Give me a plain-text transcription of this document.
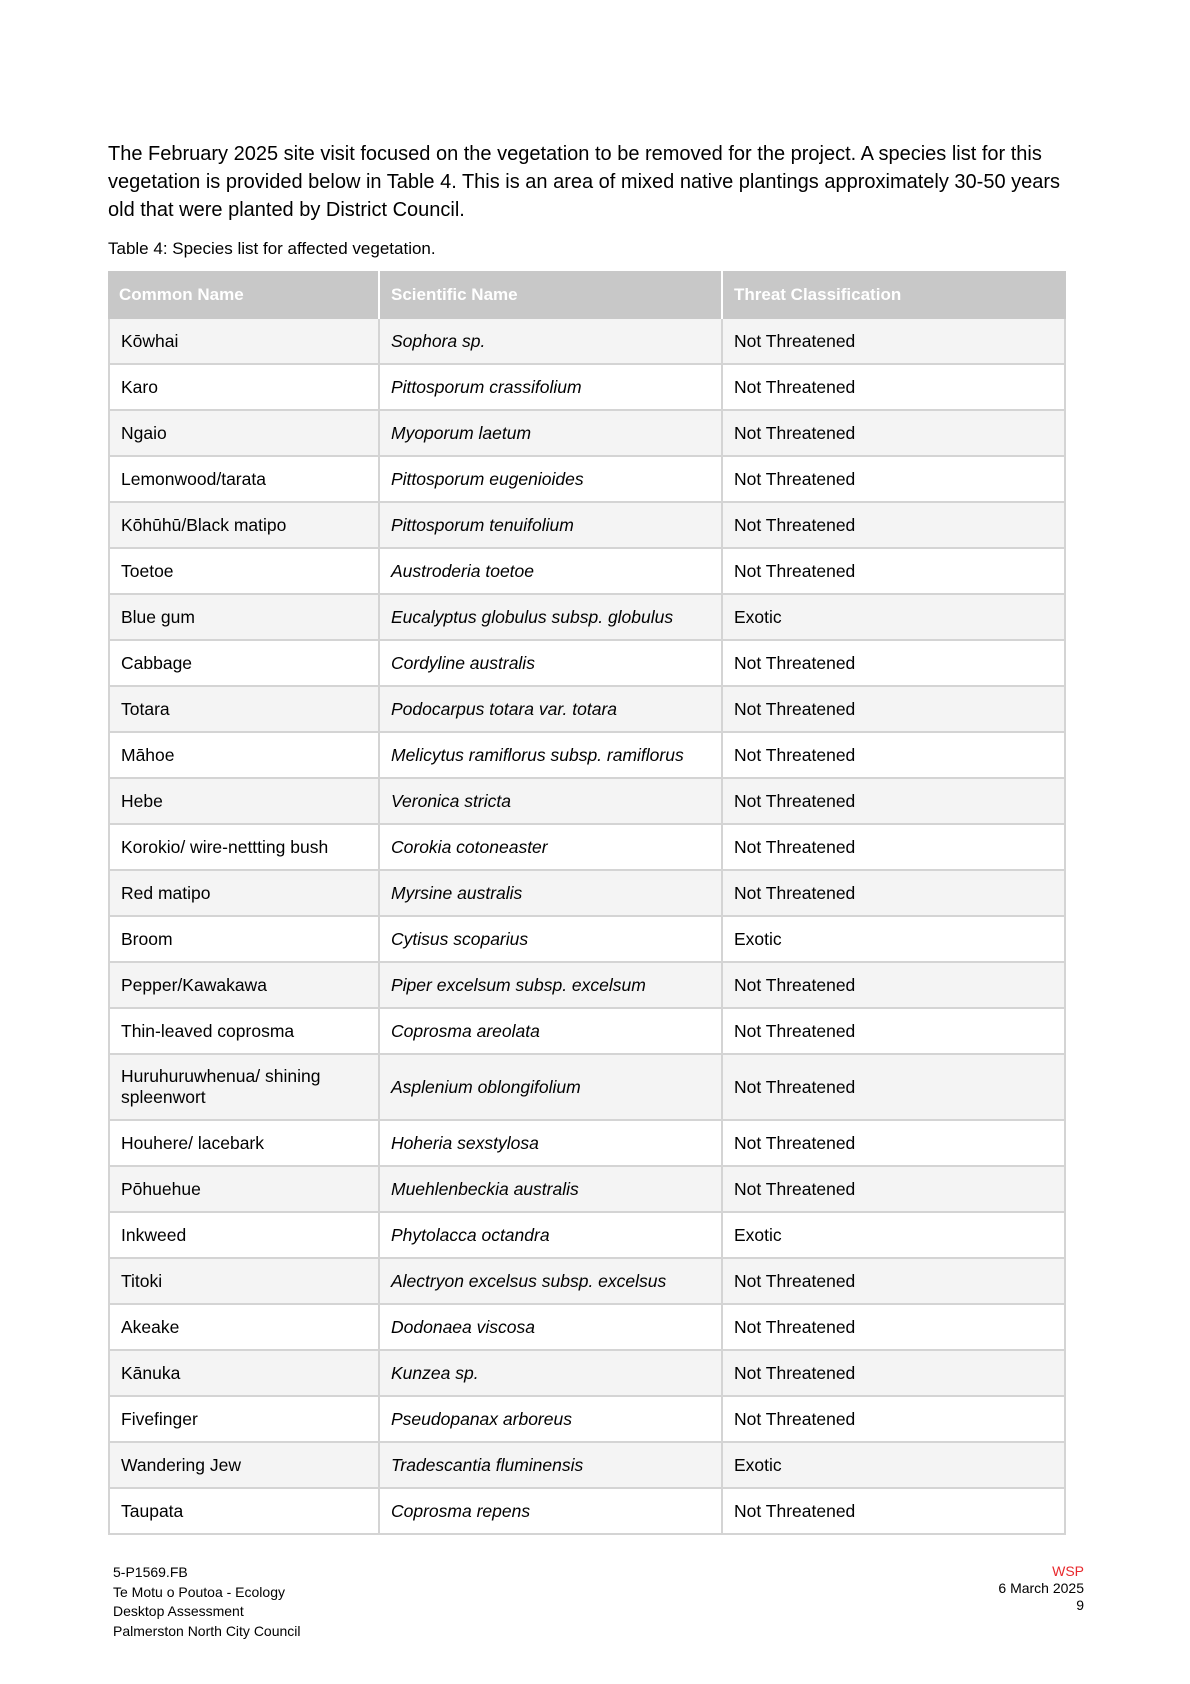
The February 2025 site visit focused on the vegetation to be removed for the project. A species list for this vegetation is provided below in Table 4. This is an area of mixed native plantings approximately 30-50 years old that were planted by District Council.

Table 4: Species list for affected vegetation.

Common Name	Scientific Name	Threat Classification
Kōwhai	Sophora sp.	Not Threatened
Karo	Pittosporum crassifolium	Not Threatened
Ngaio	Myoporum laetum	Not Threatened
Lemonwood/tarata	Pittosporum eugenioides	Not Threatened
Kōhūhū/Black matipo	Pittosporum tenuifolium	Not Threatened
Toetoe	Austroderia toetoe	Not Threatened
Blue gum	Eucalyptus globulus subsp. globulus	Exotic
Cabbage	Cordyline australis	Not Threatened
Totara	Podocarpus totara var. totara	Not Threatened
Māhoe	Melicytus ramiflorus subsp. ramiflorus	Not Threatened
Hebe	Veronica stricta	Not Threatened
Korokio/ wire-nettting bush	Corokia cotoneaster	Not Threatened
Red matipo	Myrsine australis	Not Threatened
Broom	Cytisus scoparius	Exotic
Pepper/Kawakawa	Piper excelsum subsp. excelsum	Not Threatened
Thin-leaved coprosma	Coprosma areolata	Not Threatened
Huruhuruwhenua/ shining spleenwort	Asplenium oblongifolium	Not Threatened
Houhere/ lacebark	Hoheria sexstylosa	Not Threatened
Pōhuehue	Muehlenbeckia australis	Not Threatened
Inkweed	Phytolacca octandra	Exotic
Titoki	Alectryon excelsus subsp. excelsus	Not Threatened
Akeake	Dodonaea viscosa	Not Threatened
Kānuka	Kunzea sp.	Not Threatened
Fivefinger	Pseudopanax arboreus	Not Threatened
Wandering Jew	Tradescantia fluminensis	Exotic
Taupata	Coprosma repens	Not Threatened
5-P1569.FB
Te Motu o Poutoa - Ecology
Desktop Assessment
Palmerston North City Council
WSP
6 March 2025
9
